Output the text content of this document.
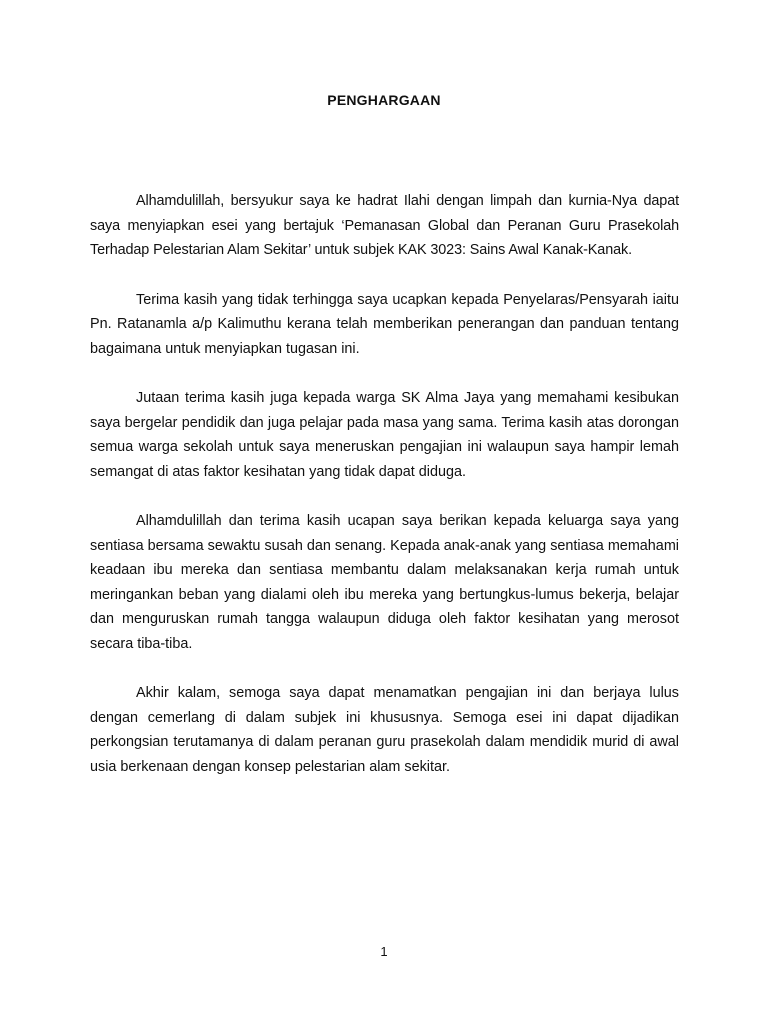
PENGHARGAAN

Alhamdulillah, bersyukur saya ke hadrat Ilahi dengan limpah dan kurnia-Nya dapat saya menyiapkan esei yang bertajuk ‘Pemanasan Global dan Peranan Guru Prasekolah Terhadap Pelestarian Alam Sekitar’ untuk subjek KAK 3023: Sains Awal Kanak-Kanak.

Terima kasih yang tidak terhingga saya ucapkan kepada Penyelaras/Pensyarah iaitu Pn. Ratanamla a/p Kalimuthu kerana telah memberikan penerangan dan panduan tentang bagaimana untuk menyiapkan tugasan ini.

Jutaan terima kasih juga kepada warga SK Alma Jaya yang memahami kesibukan saya bergelar pendidik dan juga pelajar pada masa yang sama. Terima kasih atas dorongan semua warga sekolah untuk saya meneruskan pengajian ini walaupun saya hampir lemah semangat di atas faktor kesihatan yang tidak dapat diduga.

Alhamdulillah dan terima kasih ucapan saya berikan kepada keluarga saya yang sentiasa bersama sewaktu susah dan senang. Kepada anak-anak yang sentiasa memahami keadaan ibu mereka dan sentiasa membantu dalam melaksanakan kerja rumah untuk meringankan beban yang dialami oleh ibu mereka yang bertungkus-lumus bekerja, belajar dan menguruskan rumah tangga walaupun diduga oleh faktor kesihatan yang merosot secara tiba-tiba.

Akhir kalam, semoga saya dapat menamatkan pengajian ini dan berjaya lulus dengan cemerlang di dalam subjek ini khususnya. Semoga esei ini dapat dijadikan perkongsian terutamanya di dalam peranan guru prasekolah dalam mendidik murid di awal usia berkenaan dengan konsep pelestarian alam sekitar.

1
